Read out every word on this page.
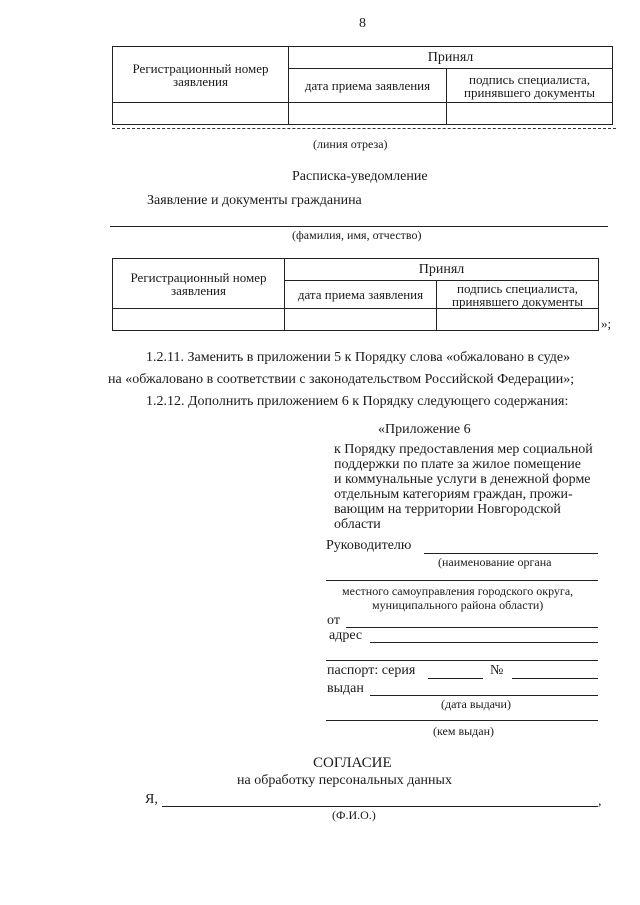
8
Регистрационный номер заявления	Принял	
	дата приема заявления	подпись специалиста, принявшего документы

(линия отреза)
Расписка-уведомление
Заявление и документы гражданина
(фамилия, имя, отчество)
Регистрационный номер заявления	Принял	
	дата приема заявления	подпись специалиста, принявшего документы

»;
1.2.11. Заменить в приложении 5 к Порядку слова «обжаловано в суде»
на «обжаловано в соответствии с законодательством Российской Федерации»;
1.2.12. Дополнить приложением 6 к Порядку следующего содержания:
«Приложение 6
к Порядку предоставления мер социальной
поддержки по плате за жилое помещение
и коммунальные услуги в денежной форме
отдельным категориям граждан, прожи-
вающим на территории Новгородской
области
Руководителю
(наименование органа
местного самоуправления городского округа,
муниципального района области)
от
адрес
паспорт: серия	№
выдан
(дата выдачи)
(кем выдан)
СОГЛАСИЕ
на обработку персональных данных
Я,	,
(Ф.И.О.)
